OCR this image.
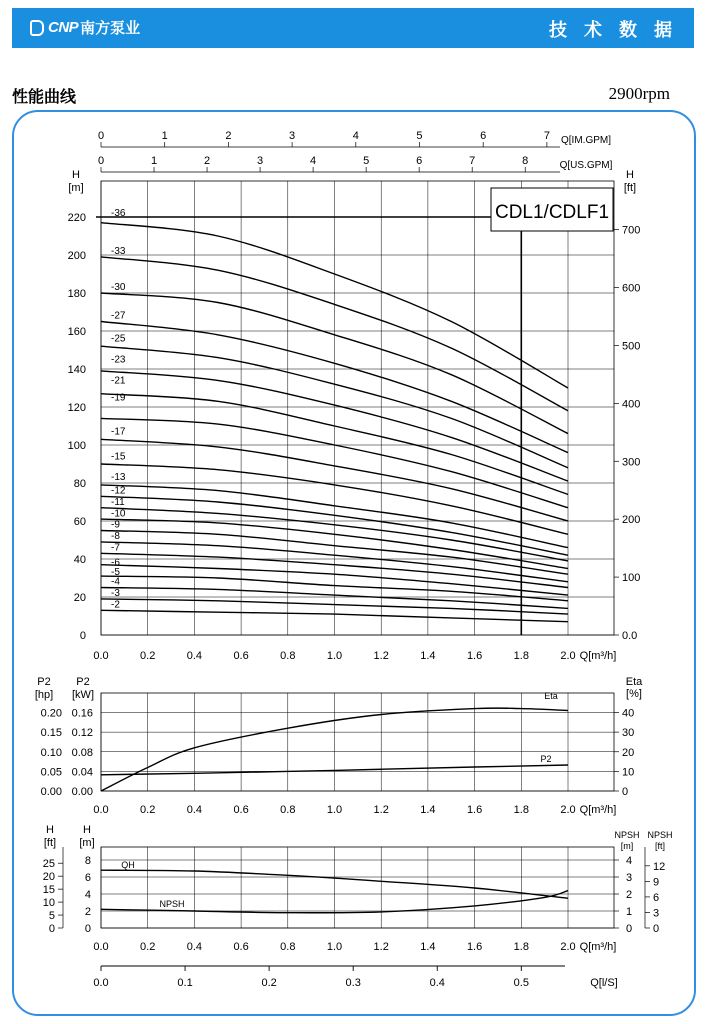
CNP 南方泵业	技 术 数 据
性能曲线	2900rpm
0.0	0.2	0.4	0.6	0.8	1.0	1.2	1.4	1.6	1.8	2.0 Q[m³/h]
0
20
40
60
80
100
120
140
160
180
200
220
H
[m]
0.0
100
200
300
400
500
600
700
H
[ft]
0	1	2	3	4	5	6	7 Q[IM.GPM]
0	1	2	3	4	5	6	7	8	Q[US.GPM]
-36
-33
-30
-27
-25
-23
-21
-19
-17
-15
-13
-12
-11
-10
-9
-8
-7
-6
-5
-4
-3
-2
CDL1/CDLF1
0.0	0.2	0.4	0.6	0.8	1.0	1.2	1.4	1.6	1.8	2.0 Q[m³/h]
0.00
0.00
0.04
0.05
0.08
0.10
0.12
0.15
0.16
0.20
0
10
20
30
40
P2
[hp]
P2
[kW]
Eta
[%]
Eta
P2
0.0	0.2	0.4	0.6	0.8	1.0	1.2	1.4	1.6	1.8	2.0 Q[m³/h]
0
2
4
6
8
0
5
10
15
20
25
0
1
2
3
4
0
3
6
9
12
H
[ft]
H
[m]
NPSH
[m]
NPSH
[ft]
QH
NPSH
0.0	0.1	0.2	0.3	0.4	0.5	Q[l/S]
